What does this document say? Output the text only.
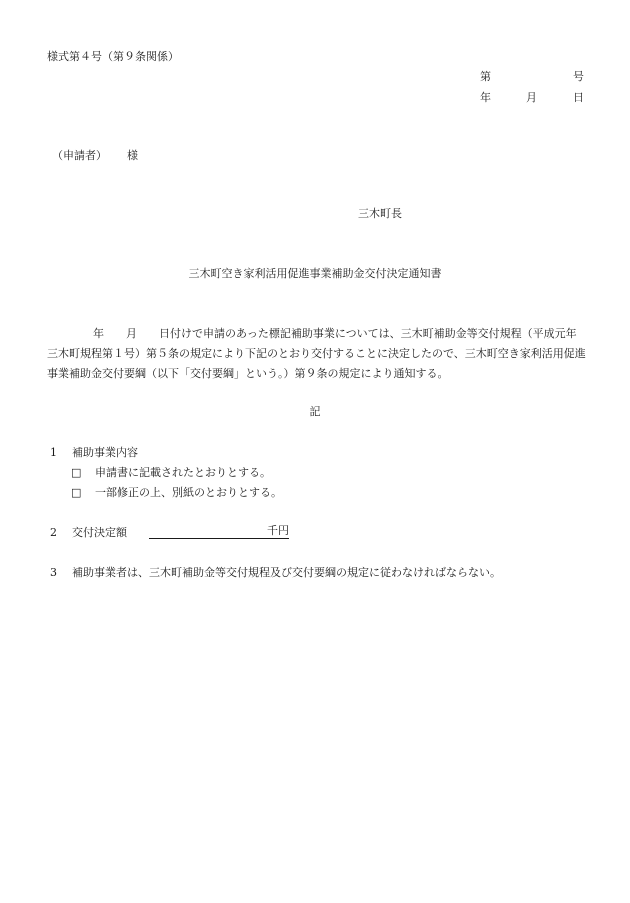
様式第４号（第９条関係）
第	号
年	月	日
（申請者） 様
三木町長
三木町空き家利活用促進事業補助金交付決定通知書
年 月 日付けで申請のあった標記補助事業については、三木町補助金等交付規程（平成元年三木町規程第１号）第５条の規定により下記のとおり交付することに決定したので、三木町空き家利活用促進事業補助金交付要綱（以下「交付要綱」という。）第９条の規定により通知する。
記
1 補助事業内容
□ 申請書に記載されたとおりとする。
□ 一部修正の上、別紙のとおりとする。
2 交付決定額	千円
3 補助事業者は、三木町補助金等交付規程及び交付要綱の規定に従わなければならない。
